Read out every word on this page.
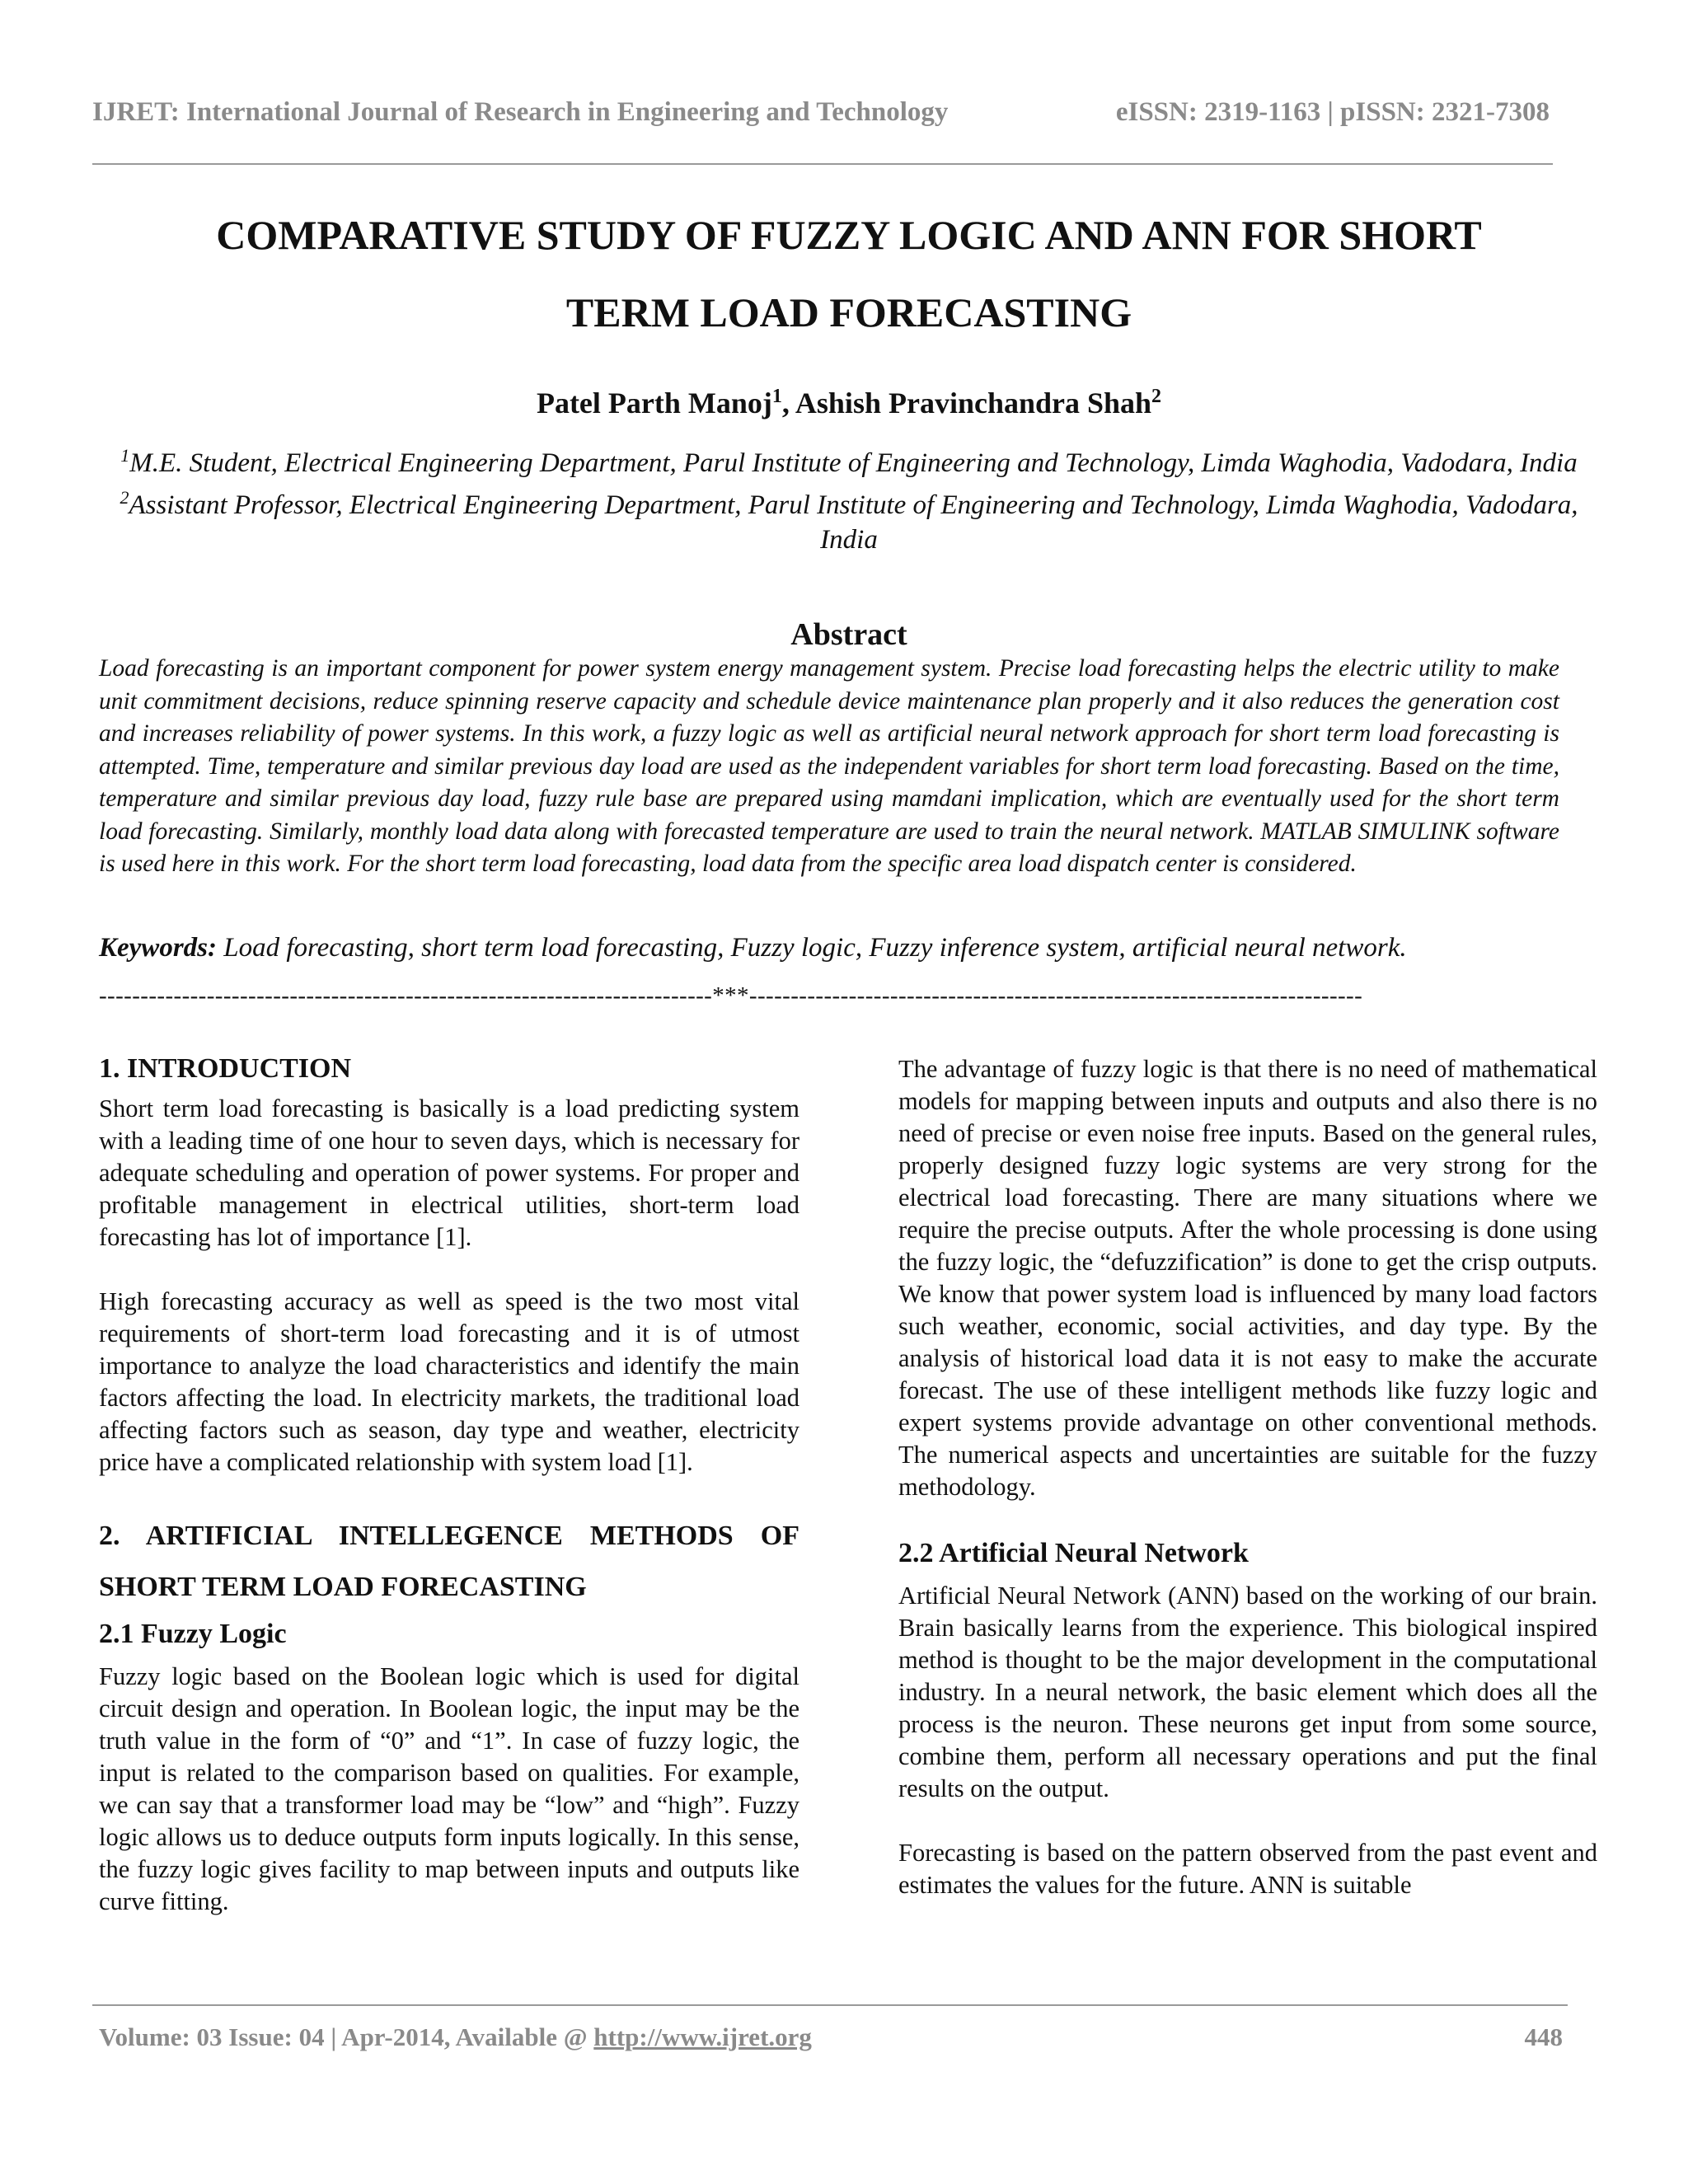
IJRET: International Journal of Research in Engineering and Technology	eISSN: 2319-1163 | pISSN: 2321-7308
COMPARATIVE STUDY OF FUZZY LOGIC AND ANN FOR SHORT
TERM LOAD FORECASTING
Patel Parth Manoj$^1$, Ashish Pravinchandra Shah$^2$

$^1$M.E. Student, Electrical Engineering Department, Parul Institute of Engineering and Technology, Limda Waghodia, Vadodara, India

$^2$Assistant Professor, Electrical Engineering Department, Parul Institute of Engineering and Technology, Limda Waghodia, Vadodara, India

Abstract

Load forecasting is an important component for power system energy management system. Precise load forecasting helps the electric utility to make unit commitment decisions, reduce spinning reserve capacity and schedule device maintenance plan properly and it also reduces the generation cost and increases reliability of power systems. In this work, a fuzzy logic as well as artificial neural network approach for short term load forecasting is attempted. Time, temperature and similar previous day load are used as the independent variables for short term load forecasting. Based on the time, temperature and similar previous day load, fuzzy rule base are prepared using mamdani implication, which are eventually used for the short term load forecasting. Similarly, monthly load data along with forecasted temperature are used to train the neural network. MATLAB SIMULINK software is used here in this work. For the short term load forecasting, load data from the specific area load dispatch center is considered.

Keywords: Load forecasting, short term load forecasting, Fuzzy logic, Fuzzy inference system, artificial neural network.
--------------------------------------------------------------------------***--------------------------------------------------------------------------
1. INTRODUCTION

Short term load forecasting is basically is a load predicting system with a leading time of one hour to seven days, which is necessary for adequate scheduling and operation of power systems. For proper and profitable management in electrical utilities, short-term load forecasting has lot of importance [1].

High forecasting accuracy as well as speed is the two most vital requirements of short-term load forecasting and it is of utmost importance to analyze the load characteristics and identify the main factors affecting the load. In electricity markets, the traditional load affecting factors such as season, day type and weather, electricity price have a complicated relationship with system load [1].

2. ARTIFICIAL INTELLEGENCE METHODS OF SHORT TERM LOAD FORECASTING
2.1 Fuzzy Logic

Fuzzy logic based on the Boolean logic which is used for digital circuit design and operation. In Boolean logic, the input may be the truth value in the form of “0” and “1”. In case of fuzzy logic, the input is related to the comparison based on qualities. For example, we can say that a transformer load may be “low” and “high”. Fuzzy logic allows us to deduce outputs form inputs logically. In this sense, the fuzzy logic gives facility to map between inputs and outputs like curve fitting.

The advantage of fuzzy logic is that there is no need of mathematical models for mapping between inputs and outputs and also there is no need of precise or even noise free inputs. Based on the general rules, properly designed fuzzy logic systems are very strong for the electrical load forecasting. There are many situations where we require the precise outputs. After the whole processing is done using the fuzzy logic, the “defuzzification” is done to get the crisp outputs. We know that power system load is influenced by many load factors such weather, economic, social activities, and day type. By the analysis of historical load data it is not easy to make the accurate forecast. The use of these intelligent methods like fuzzy logic and expert systems provide advantage on other conventional methods. The numerical aspects and uncertainties are suitable for the fuzzy methodology.

2.2 Artificial Neural Network

Artificial Neural Network (ANN) based on the working of our brain. Brain basically learns from the experience. This biological inspired method is thought to be the major development in the computational industry. In a neural network, the basic element which does all the process is the neuron. These neurons get input from some source, combine them, perform all necessary operations and put the final results on the output.

Forecasting is based on the pattern observed from the past event and estimates the values for the future. ANN is suitable

Volume: 03 Issue: 04 | Apr-2014, Available @ http://www.ijret.org	448
